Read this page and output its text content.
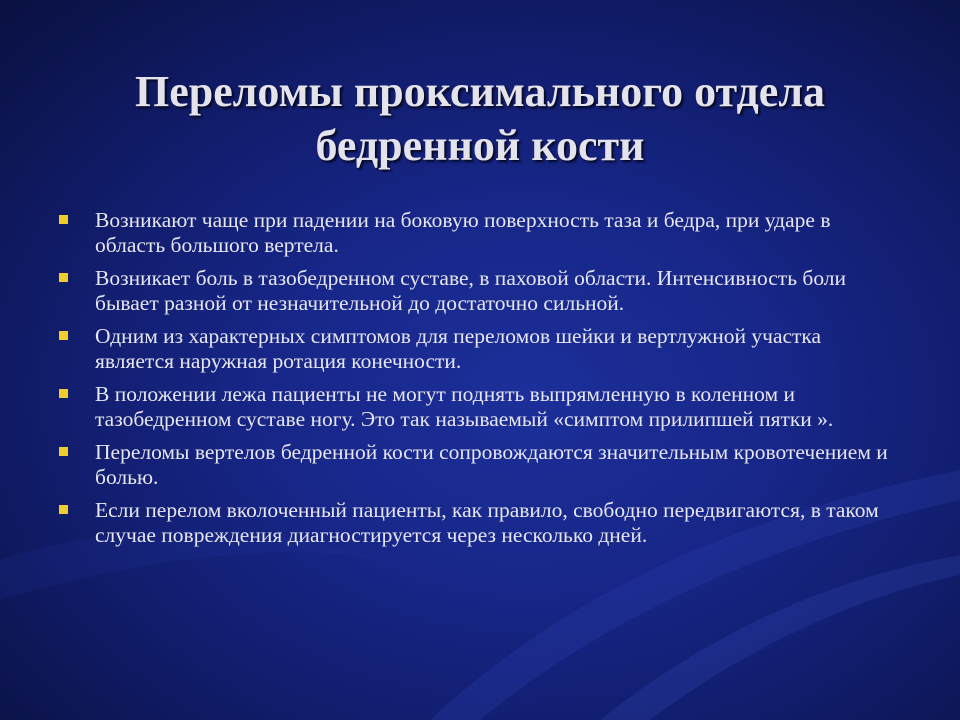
Переломы проксимального отдела бедренной кости
Возникают чаще при падении на боковую поверхность таза и бедра, при ударе в область большого вертела.
Возникает боль в тазобедренном суставе, в паховой области. Интенсивность боли бывает разной от незначительной до достаточно сильной.
Одним из характерных симптомов для переломов шейки и вертлужной участка является наружная ротация конечности.
В положении лежа пациенты не могут поднять выпрямленную в коленном и тазобедренном суставе ногу. Это так называемый «симптом прилипшей пятки ».
Переломы вертелов бедренной кости сопровождаются значительным кровотечением и болью.
Если перелом вколоченный пациенты, как правило, свободно передвигаются, в таком случае повреждения диагностируется через несколько дней.
